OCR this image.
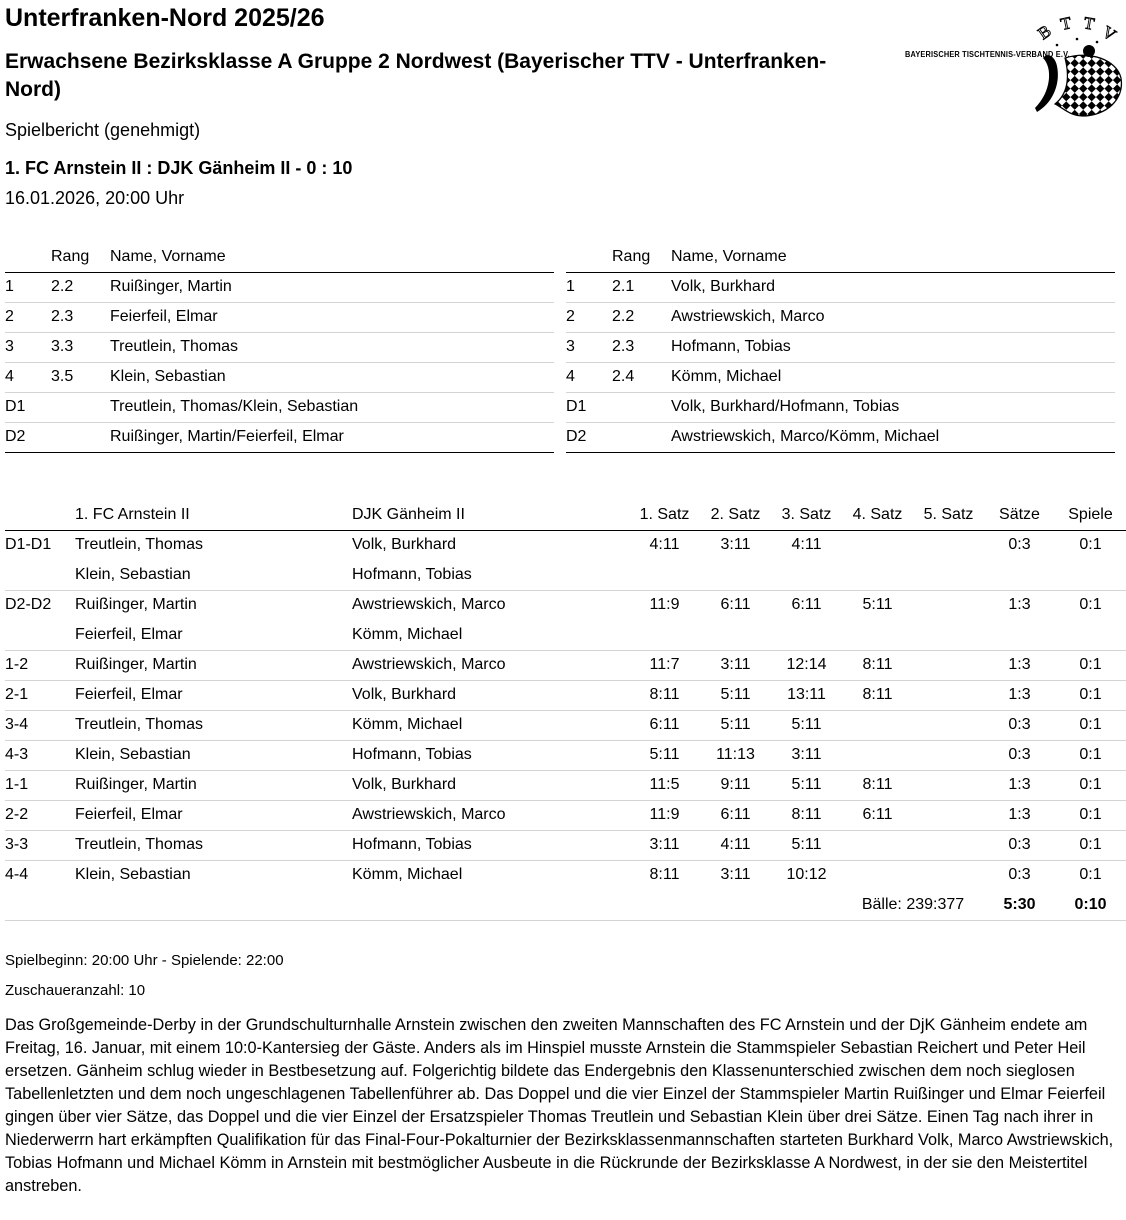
Unterfranken-Nord 2025/26
Erwachsene Bezirksklasse A Gruppe 2 Nordwest (Bayerischer TTV - Unterfranken-Nord)
Spielbericht (genehmigt)
1. FC Arnstein II : DJK Gänheim II - 0 : 10
16.01.2026, 20:00 Uhr
B T T V
BAYERISCHER TISCHTENNIS-VERBAND E.V.
	Rang	Name, Vorname
1	2.2	Ruißinger, Martin
2	2.3	Feierfeil, Elmar
3	3.3	Treutlein, Thomas
4	3.5	Klein, Sebastian
D1		Treutlein, Thomas/Klein, Sebastian
D2		Ruißinger, Martin/Feierfeil, Elmar
	Rang	Name, Vorname
1	2.1	Volk, Burkhard
2	2.2	Awstriewskich, Marco
3	2.3	Hofmann, Tobias
4	2.4	Kömm, Michael
D1		Volk, Burkhard/Hofmann, Tobias
D2		Awstriewskich, Marco/Kömm, Michael
	1. FC Arnstein II	DJK Gänheim II	1. Satz	2. Satz	3. Satz	4. Satz	5. Satz	Sätze	Spiele
D1-D1	Treutlein, Thomas	Volk, Burkhard	4:11	3:11	4:11			0:3	0:1
	Klein, Sebastian	Hofmann, Tobias							
D2-D2	Ruißinger, Martin	Awstriewskich, Marco	11:9	6:11	6:11	5:11		1:3	0:1
	Feierfeil, Elmar	Kömm, Michael							
1-2	Ruißinger, Martin	Awstriewskich, Marco	11:7	3:11	12:14	8:11		1:3	0:1
2-1	Feierfeil, Elmar	Volk, Burkhard	8:11	5:11	13:11	8:11		1:3	0:1
3-4	Treutlein, Thomas	Kömm, Michael	6:11	5:11	5:11			0:3	0:1
4-3	Klein, Sebastian	Hofmann, Tobias	5:11	11:13	3:11			0:3	0:1
1-1	Ruißinger, Martin	Volk, Burkhard	11:5	9:11	5:11	8:11		1:3	0:1
2-2	Feierfeil, Elmar	Awstriewskich, Marco	11:9	6:11	8:11	6:11		1:3	0:1
3-3	Treutlein, Thomas	Hofmann, Tobias	3:11	4:11	5:11			0:3	0:1
4-4	Klein, Sebastian	Kömm, Michael	8:11	3:11	10:12			0:3	0:1
						Bälle: 239:377		5:30	0:10
Spielbeginn: 20:00 Uhr - Spielende: 22:00
Zuschaueranzahl: 10
Das Großgemeinde-Derby in der Grundschulturnhalle Arnstein zwischen den zweiten Mannschaften des FC Arnstein und der DjK Gänheim endete am Freitag, 16. Januar, mit einem 10:0-Kantersieg der Gäste. Anders als im Hinspiel musste Arnstein die Stammspieler Sebastian Reichert und Peter Heil ersetzen. Gänheim schlug wieder in Bestbesetzung auf. Folgerichtig bildete das Endergebnis den Klassenunterschied zwischen dem noch sieglosen Tabellenletzten und dem noch ungeschlagenen Tabellenführer ab. Das Doppel und die vier Einzel der Stammspieler Martin Ruißinger und Elmar Feierfeil gingen über vier Sätze, das Doppel und die vier Einzel der Ersatzspieler Thomas Treutlein und Sebastian Klein über drei Sätze. Einen Tag nach ihrer in Niederwerrn hart erkämpften Qualifikation für das Final-Four-Pokalturnier der Bezirksklassenmannschaften starteten Burkhard Volk, Marco Awstriewskich, Tobias Hofmann und Michael Kömm in Arnstein mit bestmöglicher Ausbeute in die Rückrunde der Bezirksklasse A Nordwest, in der sie den Meistertitel anstreben.
